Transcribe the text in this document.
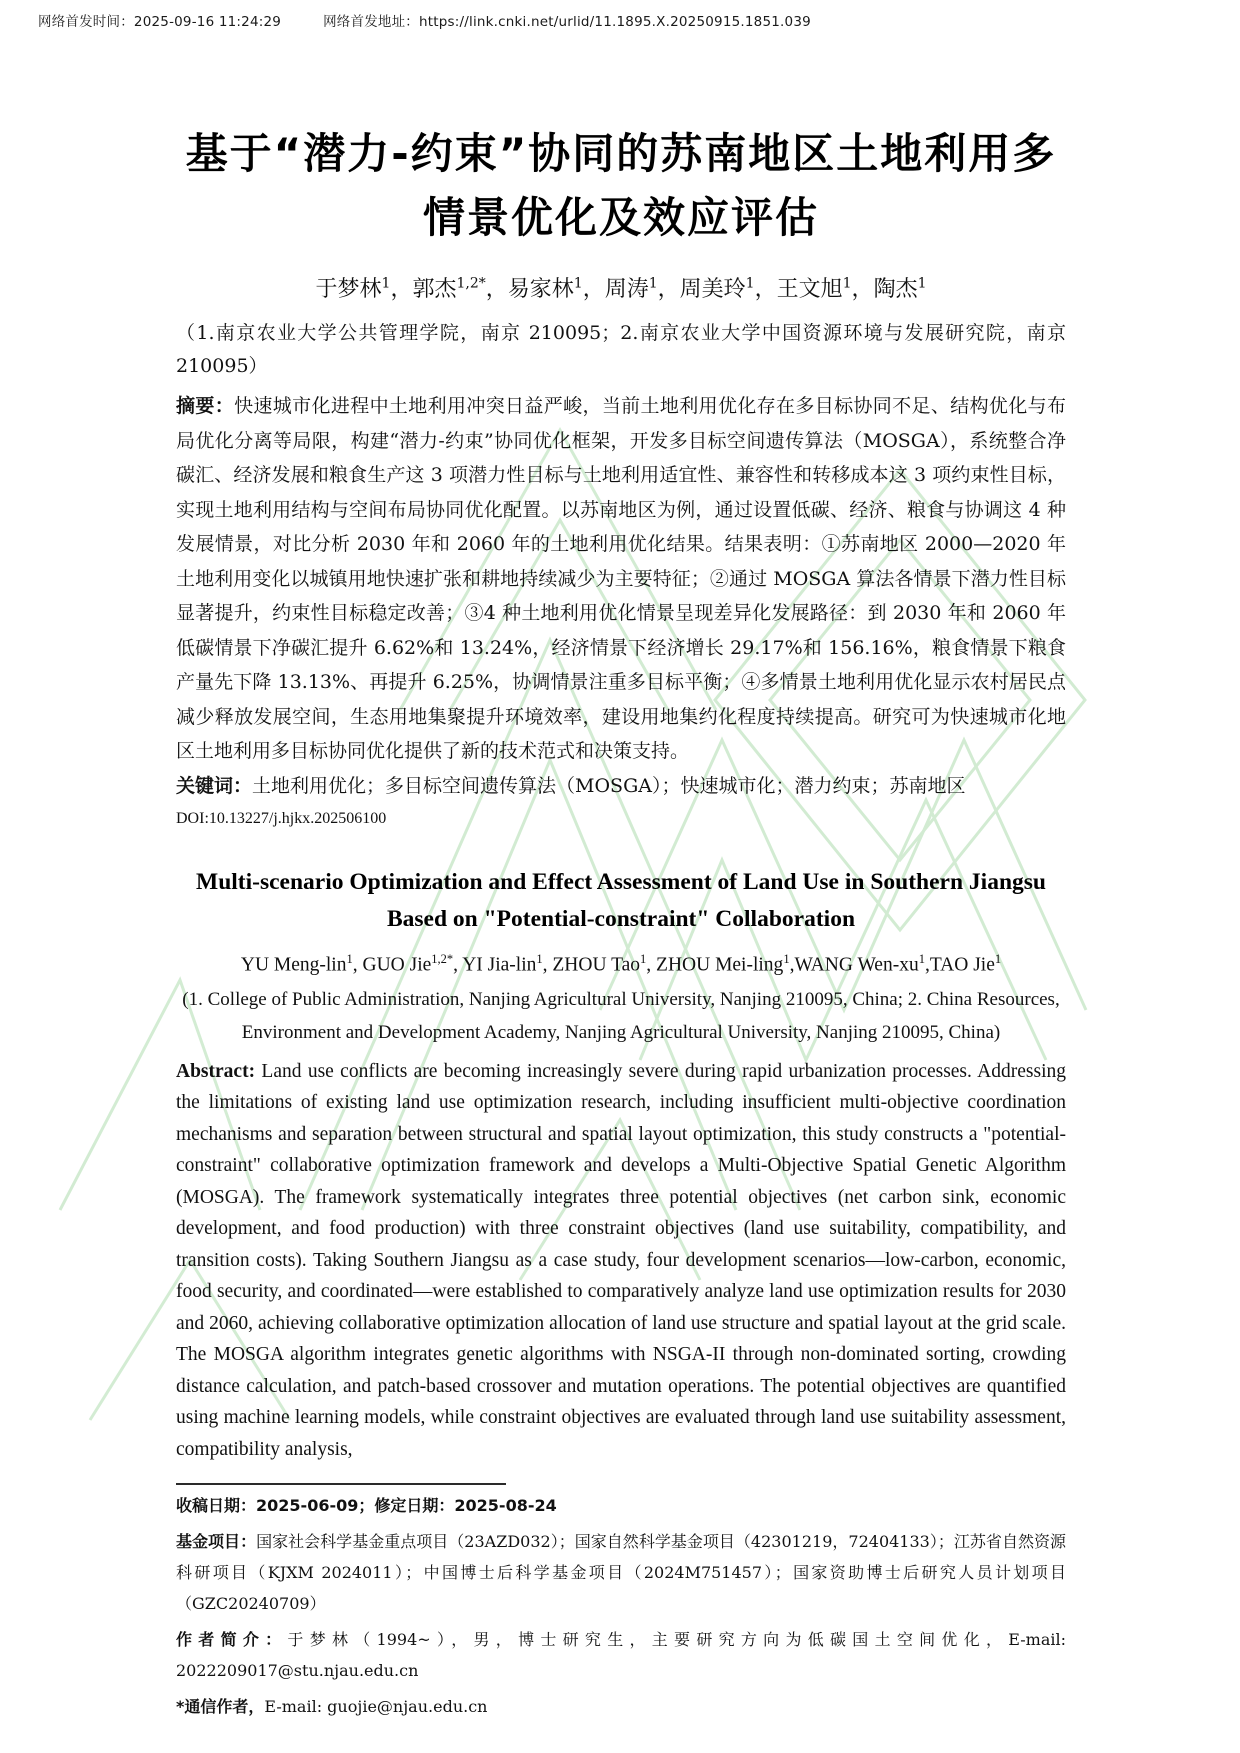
网络首发时间：2025-09-16 11:24:29	网络首发地址：https://link.cnki.net/urlid/11.1895.X.20250915.1851.039
基于“潜力-约束”协同的苏南地区土地利用多情景优化及效应评估
于梦林$^1$，郭杰$^{1,2*}$，易家林$^1$，周涛$^1$，周美玲$^1$，王文旭$^1$，陶杰$^1$
（1.南京农业大学公共管理学院，南京 210095；2.南京农业大学中国资源环境与发展研究院，南京 210095）

摘要：快速城市化进程中土地利用冲突日益严峻，当前土地利用优化存在多目标协同不足、结构优化与布局优化分离等局限，构建“潜力-约束”协同优化框架，开发多目标空间遗传算法（MOSGA），系统整合净碳汇、经济发展和粮食生产这 3 项潜力性目标与土地利用适宜性、兼容性和转移成本这 3 项约束性目标，实现土地利用结构与空间布局协同优化配置。以苏南地区为例，通过设置低碳、经济、粮食与协调这 4 种发展情景，对比分析 2030 年和 2060 年的土地利用优化结果。结果表明：①苏南地区 2000—2020 年土地利用变化以城镇用地快速扩张和耕地持续减少为主要特征；②通过 MOSGA 算法各情景下潜力性目标显著提升，约束性目标稳定改善；③4 种土地利用优化情景呈现差异化发展路径：到 2030 年和 2060 年低碳情景下净碳汇提升 6.62%和 13.24%，经济情景下经济增长 29.17%和 156.16%，粮食情景下粮食产量先下降 13.13%、再提升 6.25%，协调情景注重多目标平衡；④多情景土地利用优化显示农村居民点减少释放发展空间，生态用地集聚提升环境效率，建设用地集约化程度持续提高。研究可为快速城市化地区土地利用多目标协同优化提供了新的技术范式和决策支持。

关键词：土地利用优化；多目标空间遗传算法（MOSGA）；快速城市化；潜力约束；苏南地区

DOI:10.13227/j.hjkx.202506100
Multi-scenario Optimization and Effect Assessment of Land Use in Southern Jiangsu Based on "Potential-constraint" Collaboration
YU Meng-lin$^1$, GUO Jie$^{1,2*}$, YI Jia-lin$^1$, ZHOU Tao$^1$, ZHOU Mei-ling$^1$,WANG Wen-$xu^1,TAO$ Jie$^1$
(1. College of Public Administration, Nanjing Agricultural University, Nanjing 210095, China; 2. China Resources, Environment and Development Academy, Nanjing Agricultural University, Nanjing 210095, China)

Abstract: Land use conflicts are becoming increasingly severe during rapid urbanization processes. Addressing the limitations of existing land use optimization research, including insufficient multi-objective coordination mechanisms and separation between structural and spatial layout optimization, this study constructs a "potential-constraint" collaborative optimization framework and develops a Multi-Objective Spatial Genetic Algorithm (MOSGA). The framework systematically integrates three potential objectives (net carbon sink, economic development, and food production) with three constraint objectives (land use suitability, compatibility, and transition costs). Taking Southern Jiangsu as a case study, four development scenarios—low-carbon, economic, food security, and coordinated—were established to comparatively analyze land use optimization results for 2030 and 2060, achieving collaborative optimization allocation of land use structure and spatial layout at the grid scale. The MOSGA algorithm integrates genetic algorithms with NSGA-II through non-dominated sorting, crowding distance calculation, and patch-based crossover and mutation operations. The potential objectives are quantified using machine learning models, while constraint objectives are evaluated through land use suitability assessment, compatibility analysis,

收稿日期：2025-06-09；修定日期：2025-08-24

基金项目：国家社会科学基金重点项目（23AZD032）；国家自然科学基金项目（42301219，72404133）；江苏省自然资源科研项目（KJXM 2024011）；中国博士后科学基金项目（2024M751457）；国家资助博士后研究人员计划项目（GZC20240709）

作者简介：于梦林（1994~），男，博士研究生，主要研究方向为低碳国土空间优化，E-mail: 2022209017@stu.njau.edu.cn

*通信作者，E-mail: guojie@njau.edu.cn
